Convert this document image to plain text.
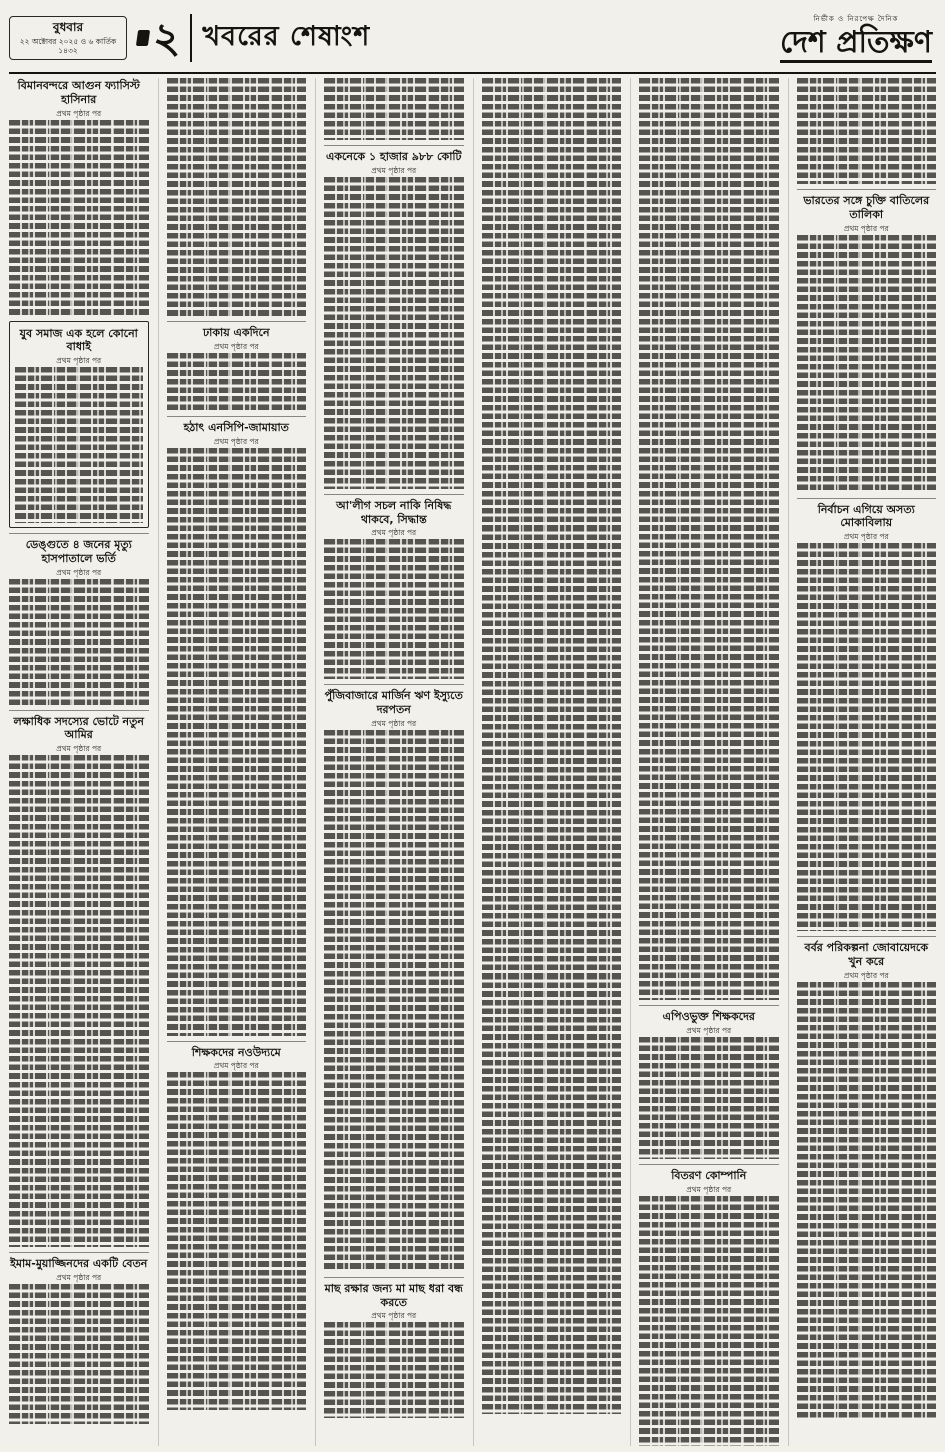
বুধবার
২২ অক্টোবর ২০২৫ ও ৬ কার্তিক ১৪৩২	২ খবরের শেষাংশ
নির্ভীক ও নিরপেক্ষ দৈনিক
দেশ প্রতিক্ষণ
বিমানবন্দরে আগুন ফ্যাসিস্ট হাসিনার
প্রথম পৃষ্ঠার পর
যুব সমাজ এক হলে কোনো বাধাই
প্রথম পৃষ্ঠার পর
ডেঙ্গুতে ৪ জনের মৃত্যু হাসপাতালে ভর্তি
প্রথম পৃষ্ঠার পর
লক্ষাধিক সদস্যের ভোটে নতুন আমির
প্রথম পৃষ্ঠার পর
ইমাম-মুয়াজ্জিনদের একটি বেতন
প্রথম পৃষ্ঠার পর
ঢাকায় একদিনে
প্রথম পৃষ্ঠার পর
হঠাৎ এনসিপি-জামায়াত
প্রথম পৃষ্ঠার পর
শিক্ষকদের নওউদ্যমে
প্রথম পৃষ্ঠার পর
একনেকে ১ হাজার ৯৮৮ কোটি
প্রথম পৃষ্ঠার পর
আ'লীগ সচল নাকি নিষিদ্ধ থাকবে, সিদ্ধান্ত
প্রথম পৃষ্ঠার পর
পুঁজিবাজারে মার্জিন ঋণ ইস্যুতে দরপতন
প্রথম পৃষ্ঠার পর
মাছ রক্ষার জন্য মা মাছ ধরা বন্ধ করতে
প্রথম পৃষ্ঠার পর
এপিওভুক্ত শিক্ষকদের
প্রথম পৃষ্ঠার পর
বিতরণ কোম্পানি
প্রথম পৃষ্ঠার পর
ভারতের সঙ্গে চুক্তি বাতিলের তালিকা
প্রথম পৃষ্ঠার পর
নির্বাচন এগিয়ে অসত্য মোকাবিলায়
প্রথম পৃষ্ঠার পর
বর্বর পরিকল্পনা জোবায়েদকে খুন করে
প্রথম পৃষ্ঠার পর
